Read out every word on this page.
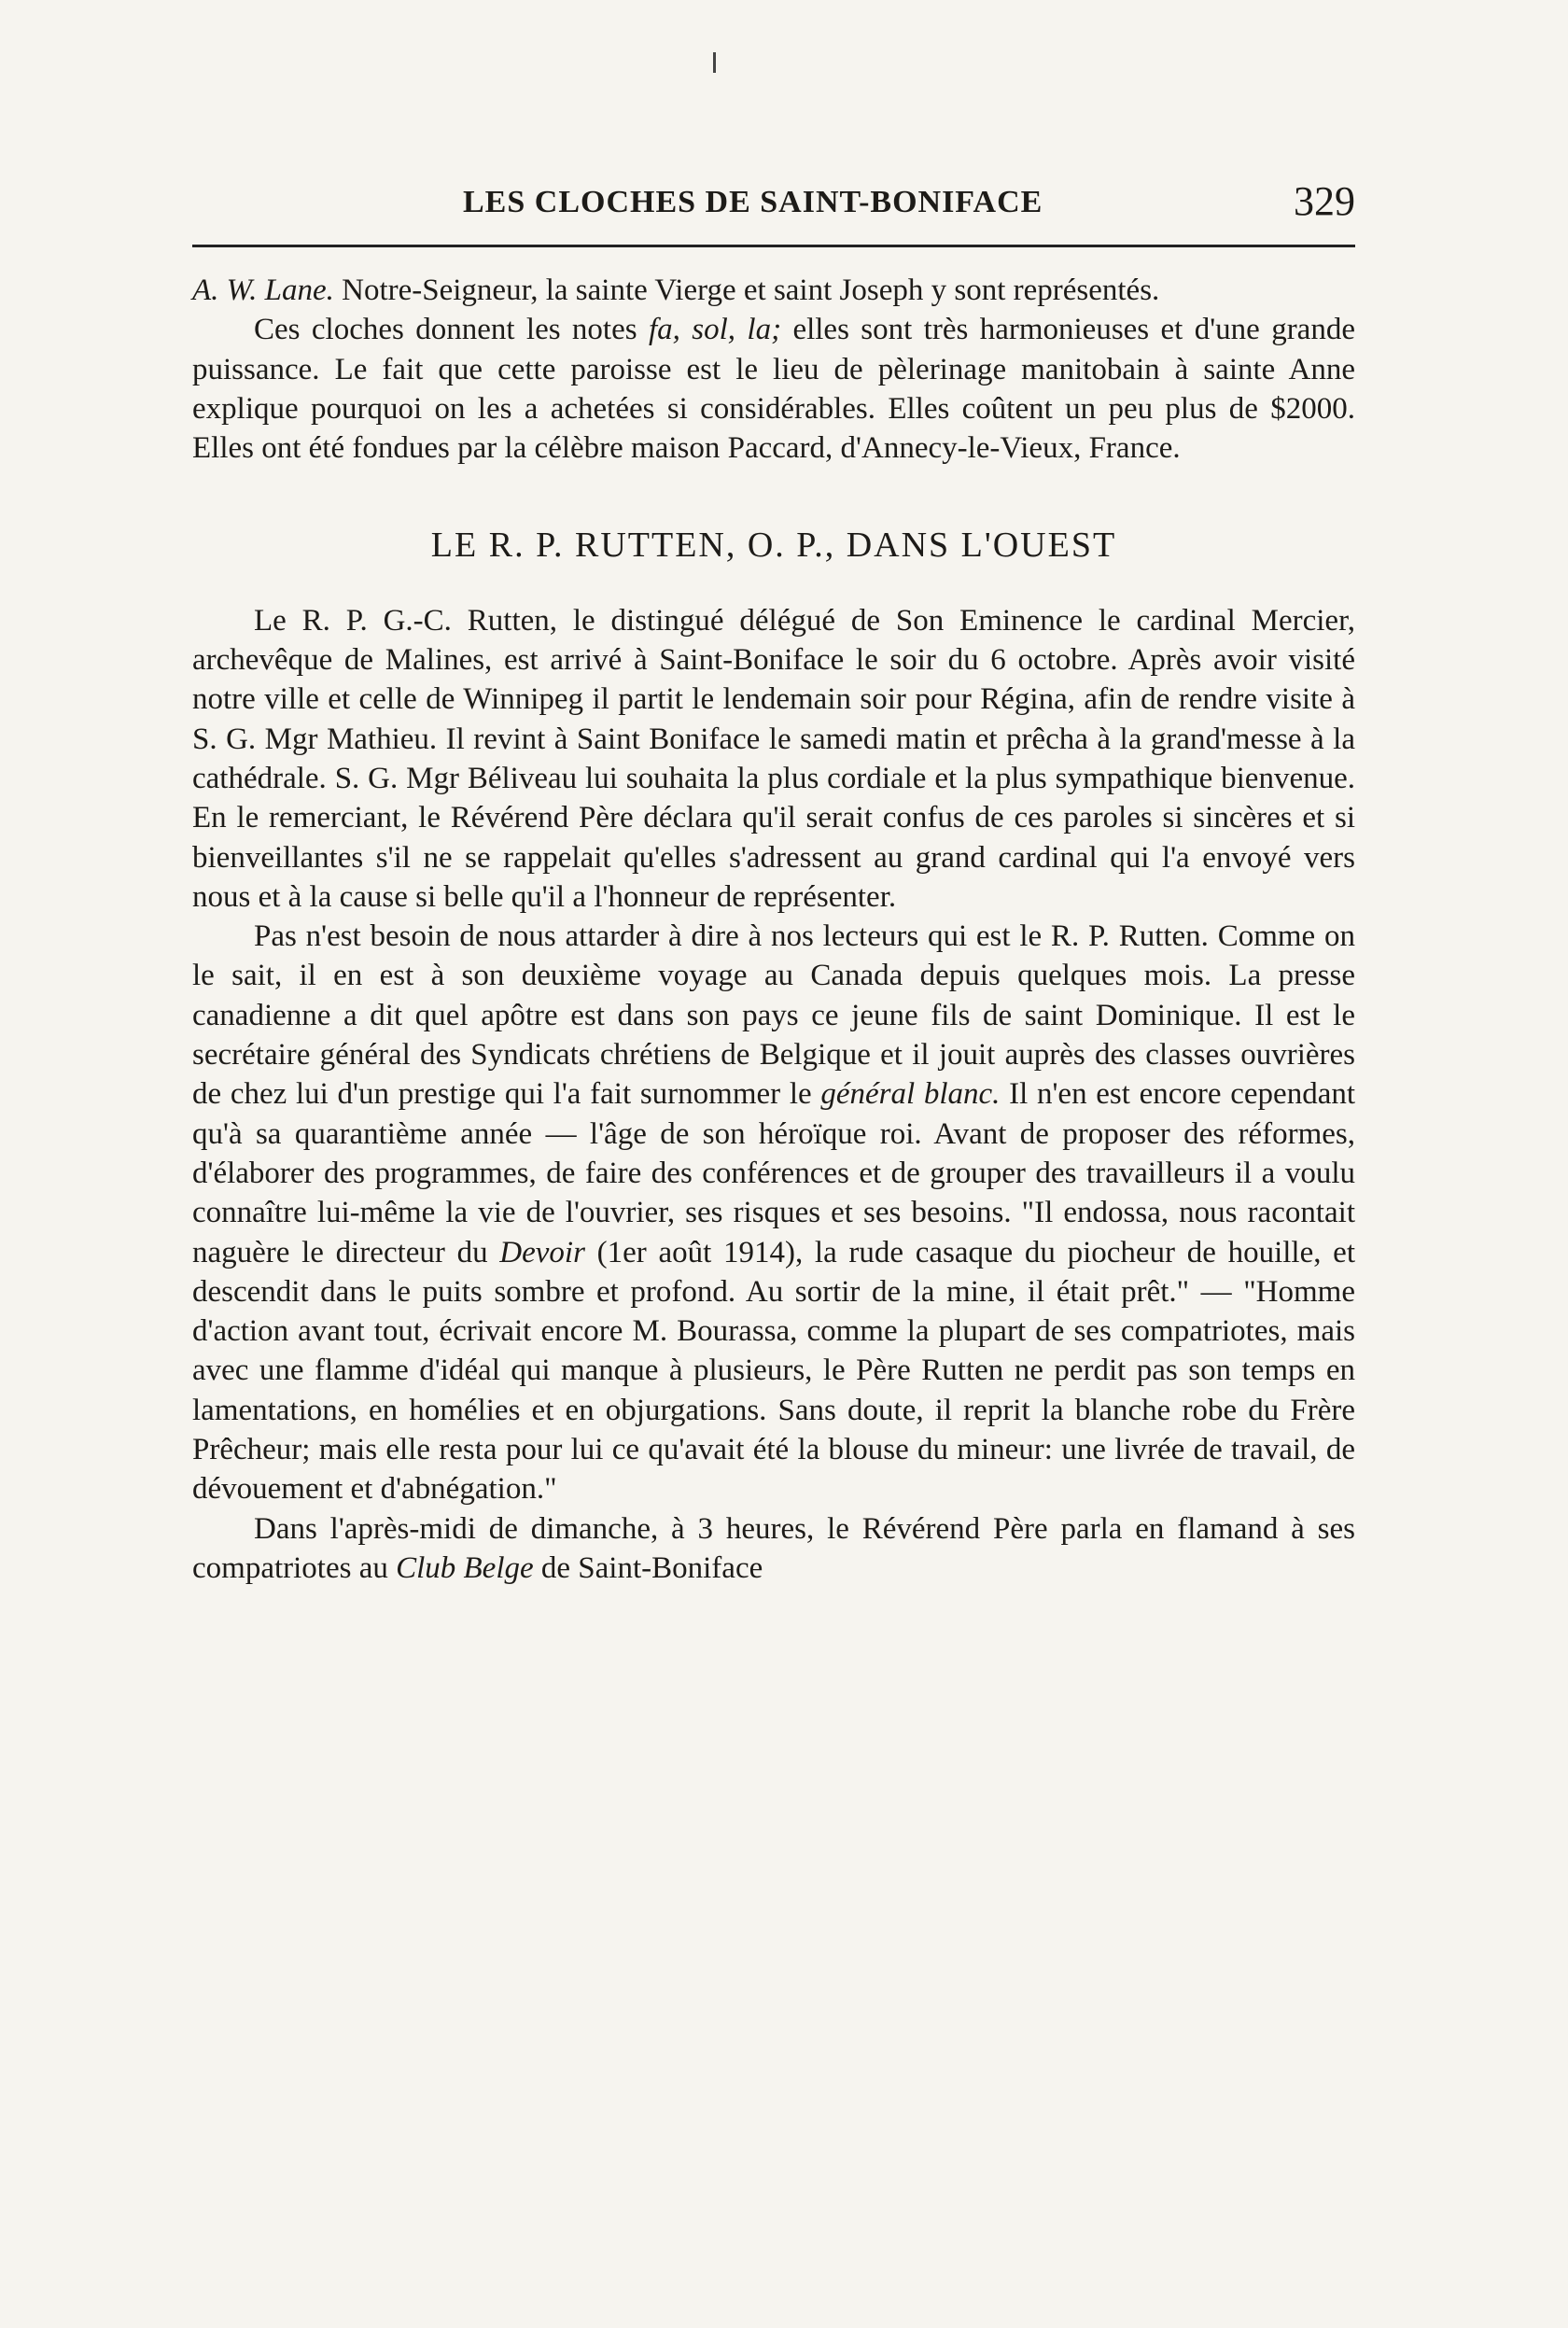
LES CLOCHES DE SAINT-BONIFACE	329

A. W. Lane. Notre-Seigneur, la sainte Vierge et saint Joseph y sont représentés.

Ces cloches donnent les notes fa, sol, la; elles sont très harmonieuses et d'une grande puissance. Le fait que cette paroisse est le lieu de pèlerinage manitobain à sainte Anne explique pourquoi on les a achetées si considérables. Elles coûtent un peu plus de $2000. Elles ont été fondues par la célèbre maison Paccard, d'Annecy-le-Vieux, France.

LE R. P. RUTTEN, O. P., DANS L'OUEST

Le R. P. G.-C. Rutten, le distingué délégué de Son Eminence le cardinal Mercier, archevêque de Malines, est arrivé à Saint-Boniface le soir du 6 octobre. Après avoir visité notre ville et celle de Winnipeg il partit le lendemain soir pour Régina, afin de rendre visite à S. G. Mgr Mathieu. Il revint à Saint Boniface le samedi matin et prêcha à la grand'messe à la cathédrale. S. G. Mgr Béliveau lui souhaita la plus cordiale et la plus sympathique bienvenue. En le remerciant, le Révérend Père déclara qu'il serait confus de ces paroles si sincères et si bienveillantes s'il ne se rappelait qu'elles s'adressent au grand cardinal qui l'a envoyé vers nous et à la cause si belle qu'il a l'honneur de représenter.

Pas n'est besoin de nous attarder à dire à nos lecteurs qui est le R. P. Rutten. Comme on le sait, il en est à son deuxième voyage au Canada depuis quelques mois. La presse canadienne a dit quel apôtre est dans son pays ce jeune fils de saint Dominique. Il est le secrétaire général des Syndicats chrétiens de Belgique et il jouit auprès des classes ouvrières de chez lui d'un prestige qui l'a fait surnommer le général blanc. Il n'en est encore cependant qu'à sa quarantième année — l'âge de son héroïque roi. Avant de proposer des réformes, d'élaborer des programmes, de faire des conférences et de grouper des travailleurs il a voulu connaître lui-même la vie de l'ouvrier, ses risques et ses besoins. "Il endossa, nous racontait naguère le directeur du Devoir (1er août 1914), la rude casaque du piocheur de houille, et descendit dans le puits sombre et profond. Au sortir de la mine, il était prêt." — "Homme d'action avant tout, écrivait encore M. Bourassa, comme la plupart de ses compatriotes, mais avec une flamme d'idéal qui manque à plusieurs, le Père Rutten ne perdit pas son temps en lamentations, en homélies et en objurgations. Sans doute, il reprit la blanche robe du Frère Prêcheur; mais elle resta pour lui ce qu'avait été la blouse du mineur: une livrée de travail, de dévouement et d'abnégation."

Dans l'après-midi de dimanche, à 3 heures, le Révérend Père parla en flamand à ses compatriotes au Club Belge de Saint-Boniface
